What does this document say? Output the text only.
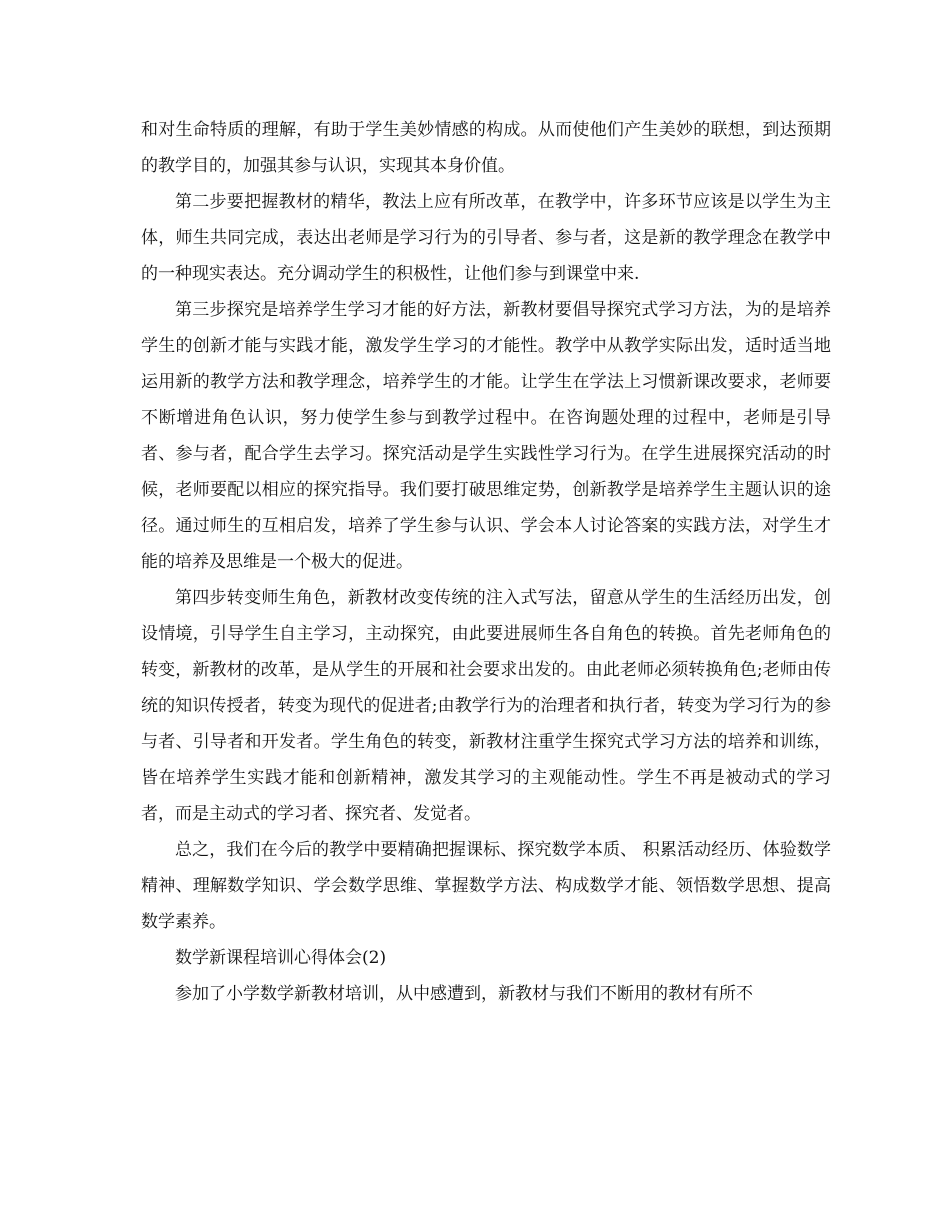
和对生命特质的理解，有助于学生美妙情感的构成。从而使他们产生美妙的联想，到达预期的教学目的，加强其参与认识，实现其本身价值。

第二步要把握教材的精华，教法上应有所改革，在教学中，许多环节应该是以学生为主体，师生共同完成，表达出老师是学习行为的引导者、参与者，这是新的教学理念在教学中的一种现实表达。充分调动学生的积极性，让他们参与到课堂中来.

第三步探究是培养学生学习才能的好方法，新教材要倡导探究式学习方法，为的是培养学生的创新才能与实践才能，激发学生学习的才能性。教学中从教学实际出发，适时适当地运用新的教学方法和教学理念，培养学生的才能。让学生在学法上习惯新课改要求，老师要不断增进角色认识，努力使学生参与到教学过程中。在咨询题处理的过程中，老师是引导者、参与者，配合学生去学习。探究活动是学生实践性学习行为。在学生进展探究活动的时候，老师要配以相应的探究指导。我们要打破思维定势，创新教学是培养学生主题认识的途径。通过师生的互相启发，培养了学生参与认识、学会本人讨论答案的实践方法，对学生才能的培养及思维是一个极大的促进。

第四步转变师生角色，新教材改变传统的注入式写法，留意从学生的生活经历出发，创设情境，引导学生自主学习，主动探究，由此要进展师生各自角色的转换。首先老师角色的转变，新教材的改革，是从学生的开展和社会要求出发的。由此老师必须转换角色;老师由传统的知识传授者，转变为现代的促进者;由教学行为的治理者和执行者，转变为学习行为的参与者、引导者和开发者。学生角色的转变，新教材注重学生探究式学习方法的培养和训练，皆在培养学生实践才能和创新精神，激发其学习的主观能动性。学生不再是被动式的学习者，而是主动式的学习者、探究者、发觉者。

总之，我们在今后的教学中要精确把握课标、探究数学本质、 积累活动经历、体验数学精神、理解数学知识、学会数学思维、掌握数学方法、构成数学才能、领悟数学思想、提高数学素养。

数学新课程培训心得体会(2)

参加了小学数学新教材培训，从中感遭到，新教材与我们不断用的教材有所不
